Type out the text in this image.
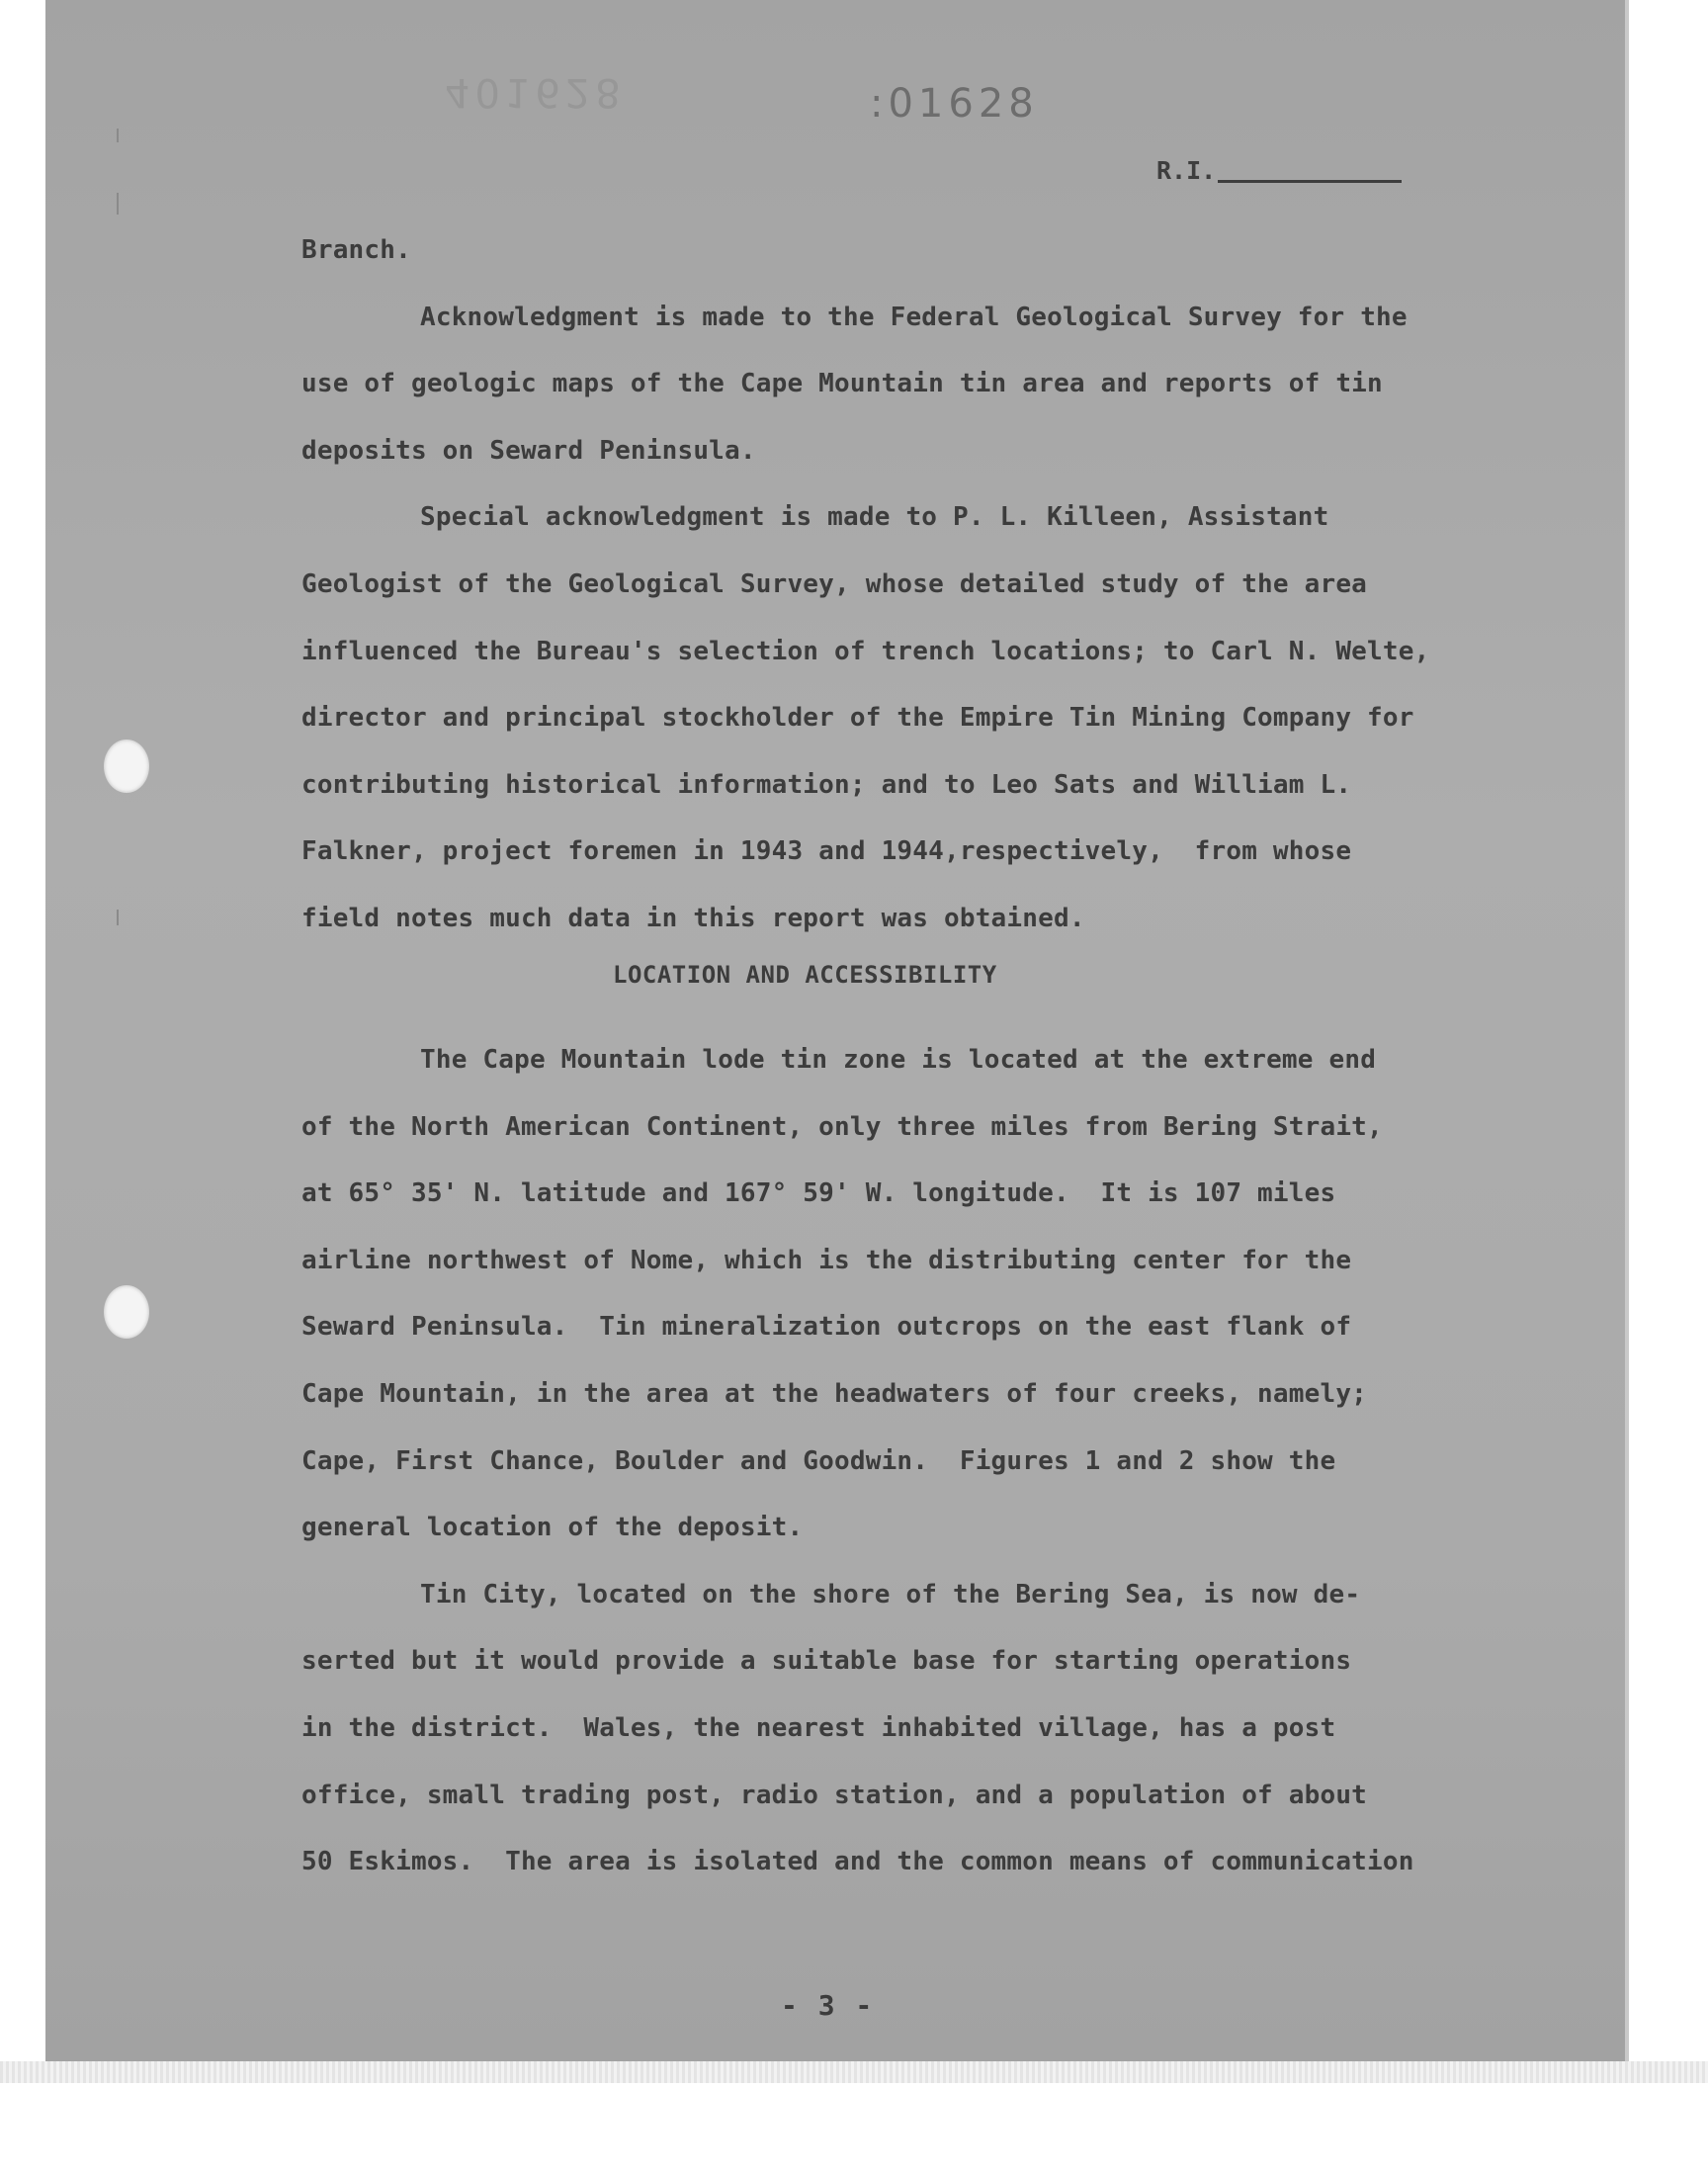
401628	:01628
R.I.

Branch.

Acknowledgment is made to the Federal Geological Survey for the
use of geologic maps of the Cape Mountain tin area and reports of tin
deposits on Seward Peninsula.

Special acknowledgment is made to P. L. Killeen, Assistant
Geologist of the Geological Survey, whose detailed study of the area
influenced the Bureau's selection of trench locations; to Carl N. Welte,
director and principal stockholder of the Empire Tin Mining Company for
contributing historical information; and to Leo Sats and William L.
Falkner, project foremen in 1943 and 1944,respectively,  from whose
field notes much data in this report was obtained.

LOCATION AND ACCESSIBILITY

The Cape Mountain lode tin zone is located at the extreme end
of the North American Continent, only three miles from Bering Strait,
at 65° 35' N. latitude and 167° 59' W. longitude.  It is 107 miles
airline northwest of Nome, which is the distributing center for the
Seward Peninsula.  Tin mineralization outcrops on the east flank of
Cape Mountain, in the area at the headwaters of four creeks, namely;
Cape, First Chance, Boulder and Goodwin.  Figures 1 and 2 show the
general location of the deposit.

Tin City, located on the shore of the Bering Sea, is now de-
serted but it would provide a suitable base for starting operations
in the district.  Wales, the nearest inhabited village, has a post
office, small trading post, radio station, and a population of about
50 Eskimos.  The area is isolated and the common means of communication

- 3 -
